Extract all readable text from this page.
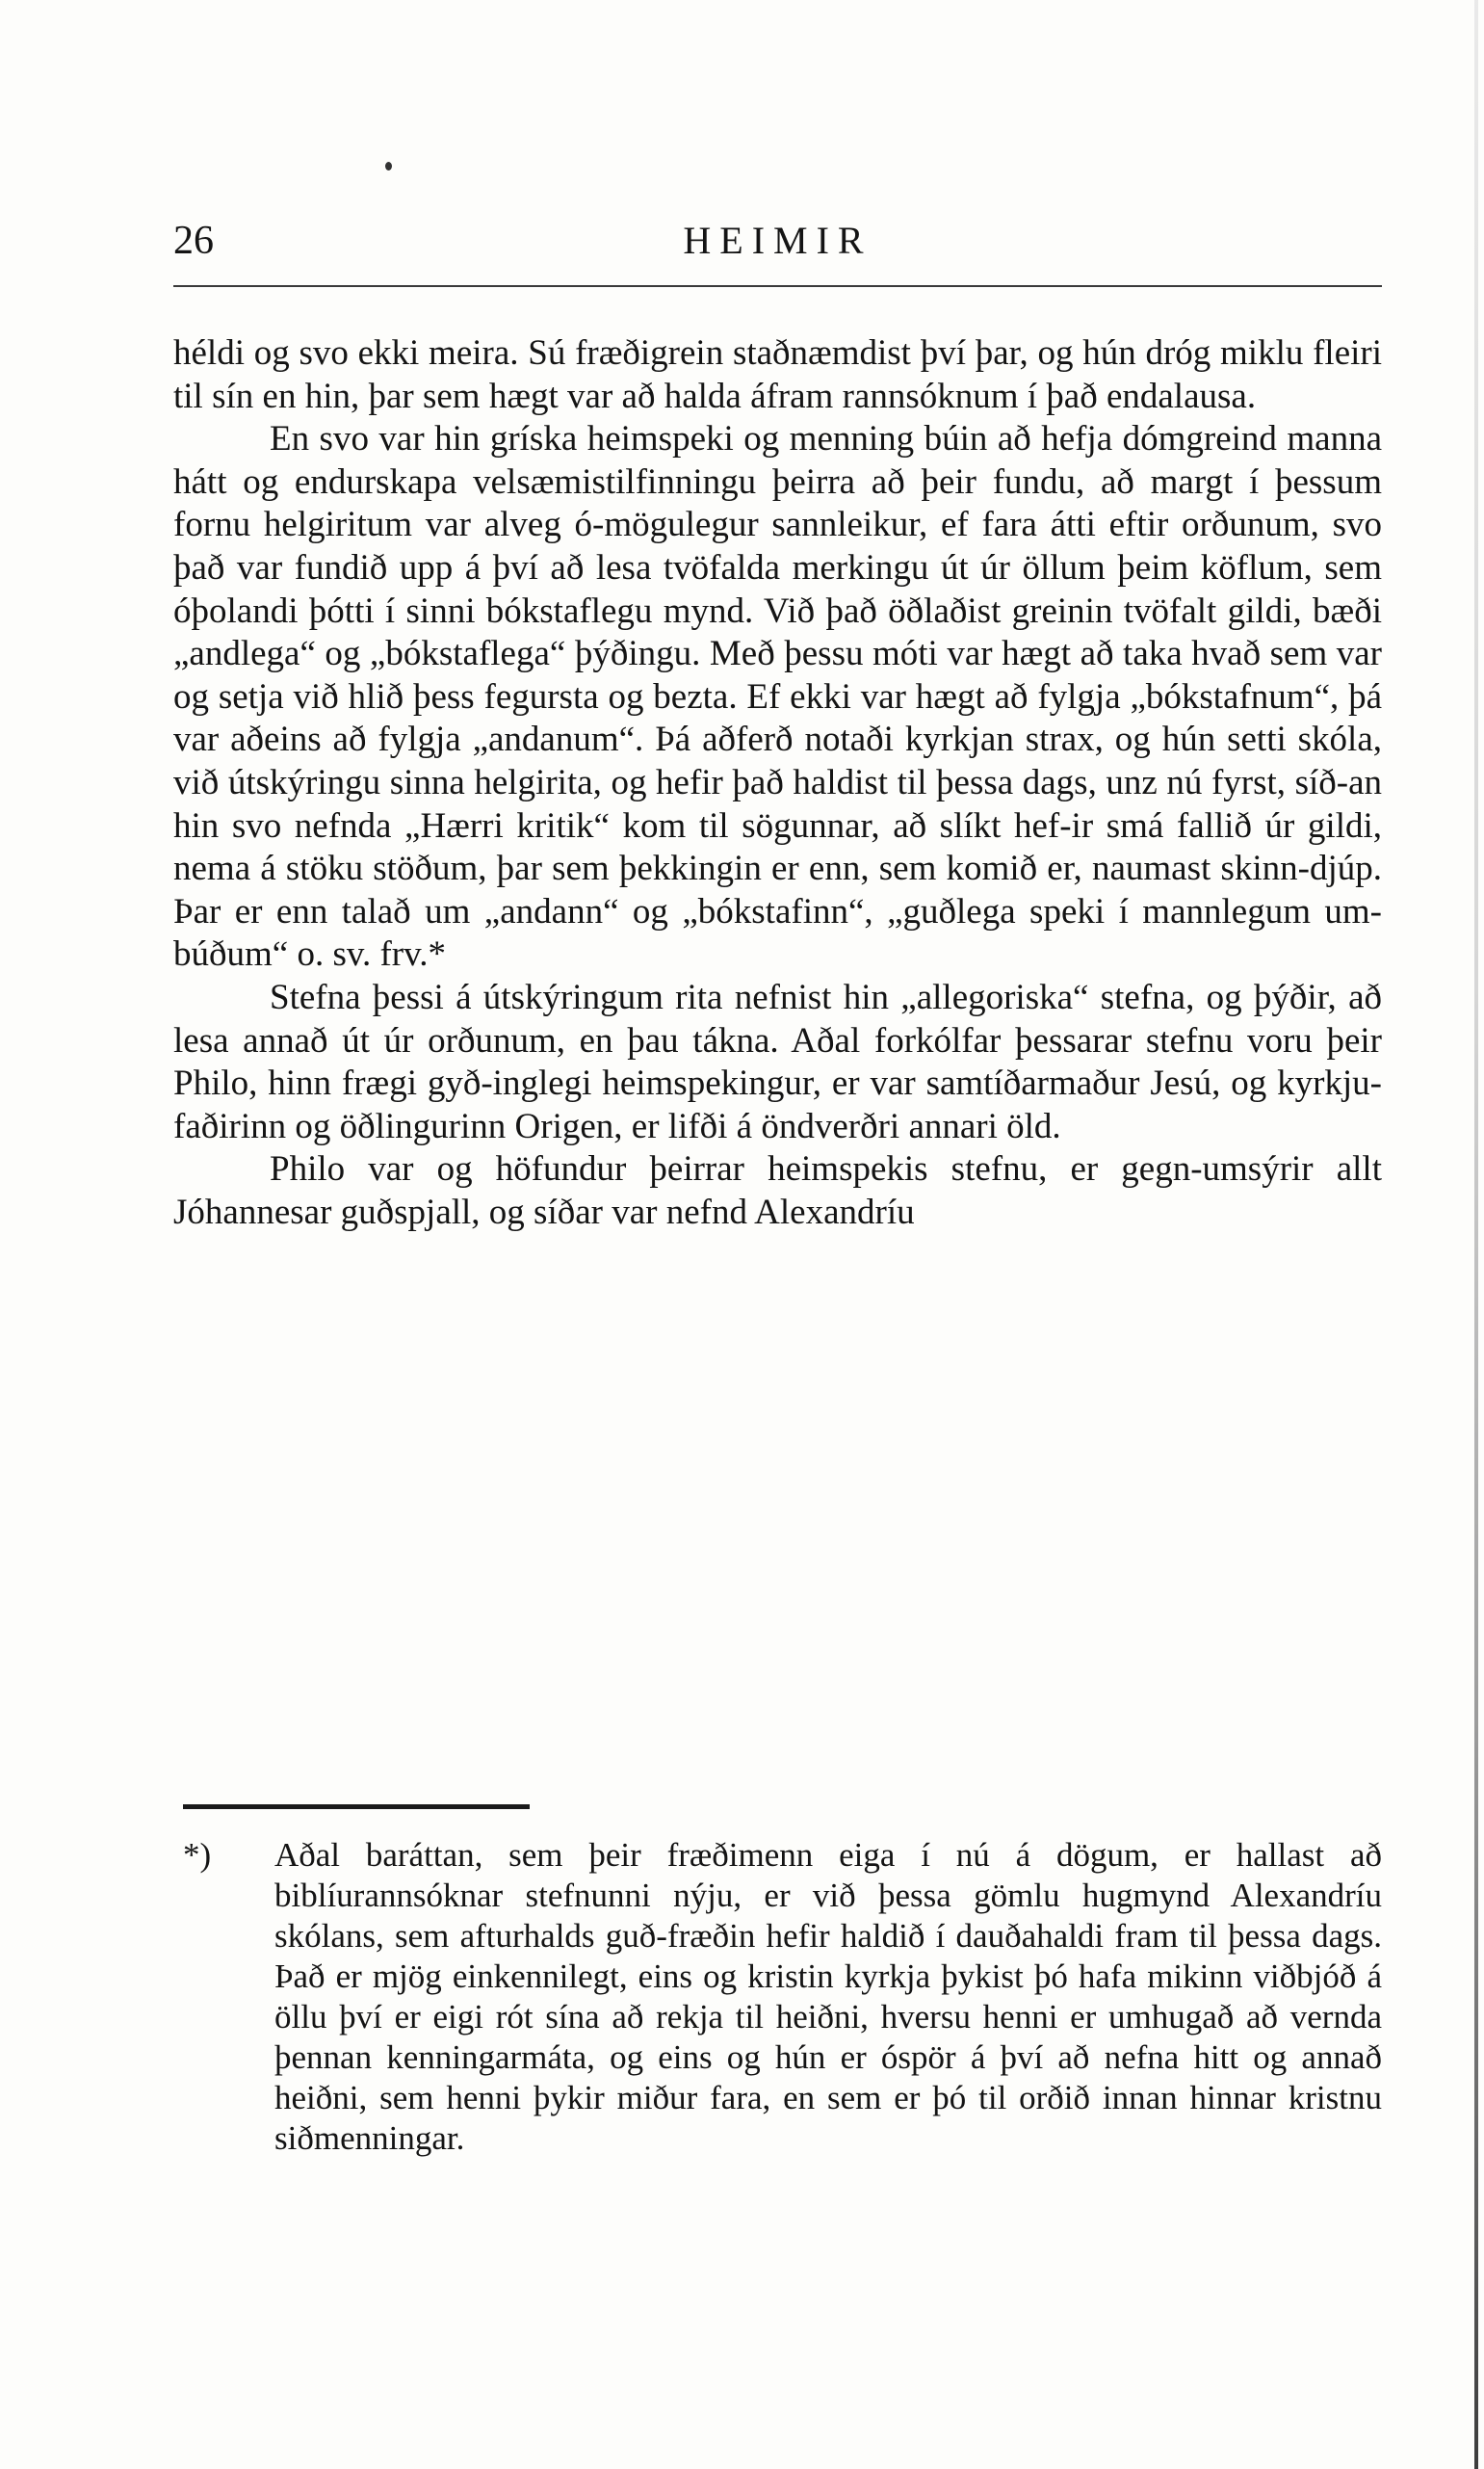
26	HEIMIR

héldi og svo ekki meira. Sú fræðigrein staðnæmdist því þar, og hún dróg miklu fleiri til sín en hin, þar sem hægt var að halda áfram rannsóknum í það endalausa.

En svo var hin gríska heimspeki og menning búin að hefja dómgreind manna hátt og endurskapa velsæmistilfinningu þeirra að þeir fundu, að margt í þessum fornu helgiritum var alveg ó-mögulegur sannleikur, ef fara átti eftir orðunum, svo það var fundið upp á því að lesa tvöfalda merkingu út úr öllum þeim köflum, sem óþolandi þótti í sinni bókstaflegu mynd. Við það öðlaðist greinin tvöfalt gildi, bæði „andlega“ og „bókstaflega“ þýðingu. Með þessu móti var hægt að taka hvað sem var og setja við hlið þess fegursta og bezta. Ef ekki var hægt að fylgja „bókstafnum“, þá var aðeins að fylgja „andanum“. Þá aðferð notaði kyrkjan strax, og hún setti skóla, við útskýringu sinna helgirita, og hefir það haldist til þessa dags, unz nú fyrst, síð-an hin svo nefnda „Hærri kritik“ kom til sögunnar, að slíkt hef-ir smá fallið úr gildi, nema á stöku stöðum, þar sem þekkingin er enn, sem komið er, naumast skinn-djúp. Þar er enn talað um „andann“ og „bókstafinn“, „guðlega speki í mannlegum um-búðum“ o. sv. frv.*

Stefna þessi á útskýringum rita nefnist hin „allegoriska“ stefna, og þýðir, að lesa annað út úr orðunum, en þau tákna. Aðal forkólfar þessarar stefnu voru þeir Philo, hinn frægi gyð-inglegi heimspekingur, er var samtíðarmaður Jesú, og kyrkju-faðirinn og öðlingurinn Origen, er lifði á öndverðri annari öld.

Philo var og höfundur þeirrar heimspekis stefnu, er gegn-umsýrir allt Jóhannesar guðspjall, og síðar var nefnd Alexandríu

*) Aðal baráttan, sem þeir fræðimenn eiga í nú á dögum, er hallast að biblíurannsóknar stefnunni nýju, er við þessa gömlu hugmynd Alexandríu skólans, sem afturhalds guð-fræðin hefir haldið í dauðahaldi fram til þessa dags. Það er mjög einkennilegt, eins og kristin kyrkja þykist þó hafa mikinn viðbjóð á öllu því er eigi rót sína að rekja til heiðni, hversu henni er umhugað að vernda þennan kenningarmáta, og eins og hún er óspör á því að nefna hitt og annað heiðni, sem henni þykir miður fara, en sem er þó til orðið innan hinnar kristnu siðmenningar.
